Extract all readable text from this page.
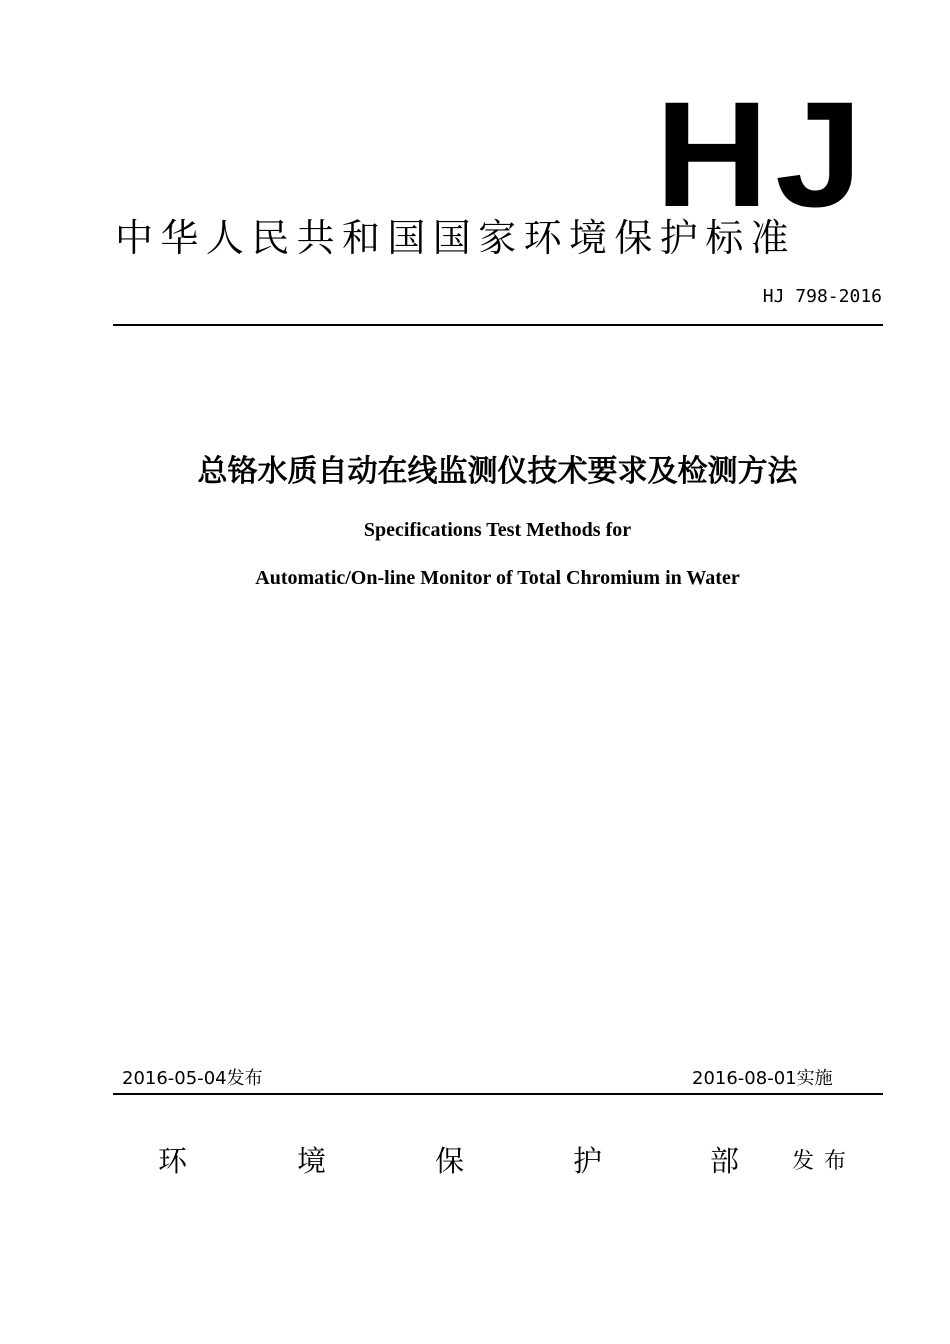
HJ
中华人民共和国国家环境保护标准
HJ 798-2016
总铬水质自动在线监测仪技术要求及检测方法
Specifications Test Methods for
Automatic/On-line Monitor of Total Chromium in Water
2016-05-04发布	2016-08-01实施
环	境	保	护	部 发布
